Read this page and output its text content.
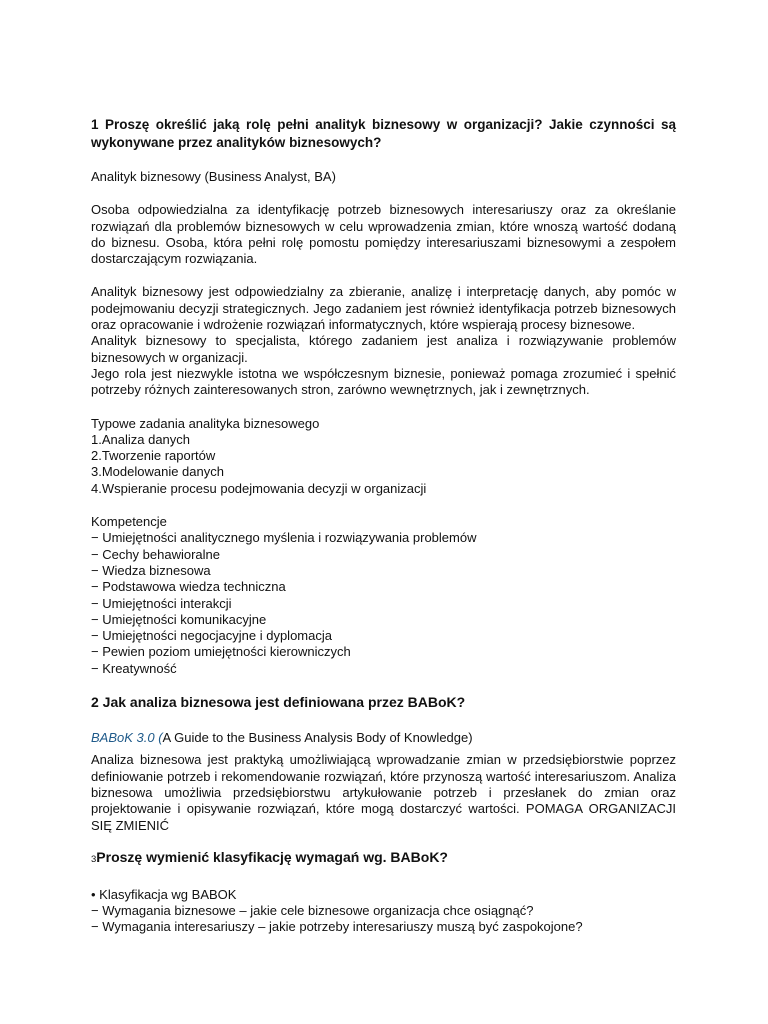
1 Proszę określić jaką rolę pełni analityk biznesowy w organizacji? Jakie czynności są wykonywane przez analityków biznesowych?

Analityk biznesowy (Business Analyst, BA)

Osoba odpowiedzialna za identyfikację potrzeb biznesowych interesariuszy oraz za określanie rozwiązań dla problemów biznesowych w celu wprowadzenia zmian, które wnoszą wartość dodaną do biznesu. Osoba, która pełni rolę pomostu pomiędzy interesariuszami biznesowymi a zespołem dostarczającym rozwiązania.

Analityk biznesowy jest odpowiedzialny za zbieranie, analizę i interpretację danych, aby pomóc w podejmowaniu decyzji strategicznych. Jego zadaniem jest również identyfikacja potrzeb biznesowych oraz opracowanie i wdrożenie rozwiązań informatycznych, które wspierają procesy biznesowe.

Analityk biznesowy to specjalista, którego zadaniem jest analiza i rozwiązywanie problemów biznesowych w organizacji.

Jego rola jest niezwykle istotna we współczesnym biznesie, ponieważ pomaga zrozumieć i spełnić potrzeby różnych zainteresowanych stron, zarówno wewnętrznych, jak i zewnętrznych.

Typowe zadania analityka biznesowego

1.Analiza danych
2.Tworzenie raportów
3.Modelowanie danych
4.Wspieranie procesu podejmowania decyzji w organizacji

Kompetencje

− Umiejętności analitycznego myślenia i rozwiązywania problemów
− Cechy behawioralne
− Wiedza biznesowa
− Podstawowa wiedza techniczna
− Umiejętności interakcji
− Umiejętności komunikacyjne
− Umiejętności negocjacyjne i dyplomacja
− Pewien poziom umiejętności kierowniczych
− Kreatywność

2 Jak analiza biznesowa jest definiowana przez BABoK?

BABoK 3.0 (A Guide to the Business Analysis Body of Knowledge)

Analiza biznesowa jest praktyką umożliwiającą wprowadzanie zmian w przedsiębiorstwie poprzez definiowanie potrzeb i rekomendowanie rozwiązań, które przynoszą wartość interesariuszom. Analiza biznesowa umożliwia przedsiębiorstwu artykułowanie potrzeb i przesłanek do zmian oraz projektowanie i opisywanie rozwiązań, które mogą dostarczyć wartości. POMAGA ORGANIZACJI SIĘ ZMIENIĆ

3Proszę wymienić klasyfikację wymagań wg. BABoK?

• Klasyfikacja wg BABOK
− Wymagania biznesowe – jakie cele biznesowe organizacja chce osiągnąć?
− Wymagania interesariuszy – jakie potrzeby interesariuszy muszą być zaspokojone?
